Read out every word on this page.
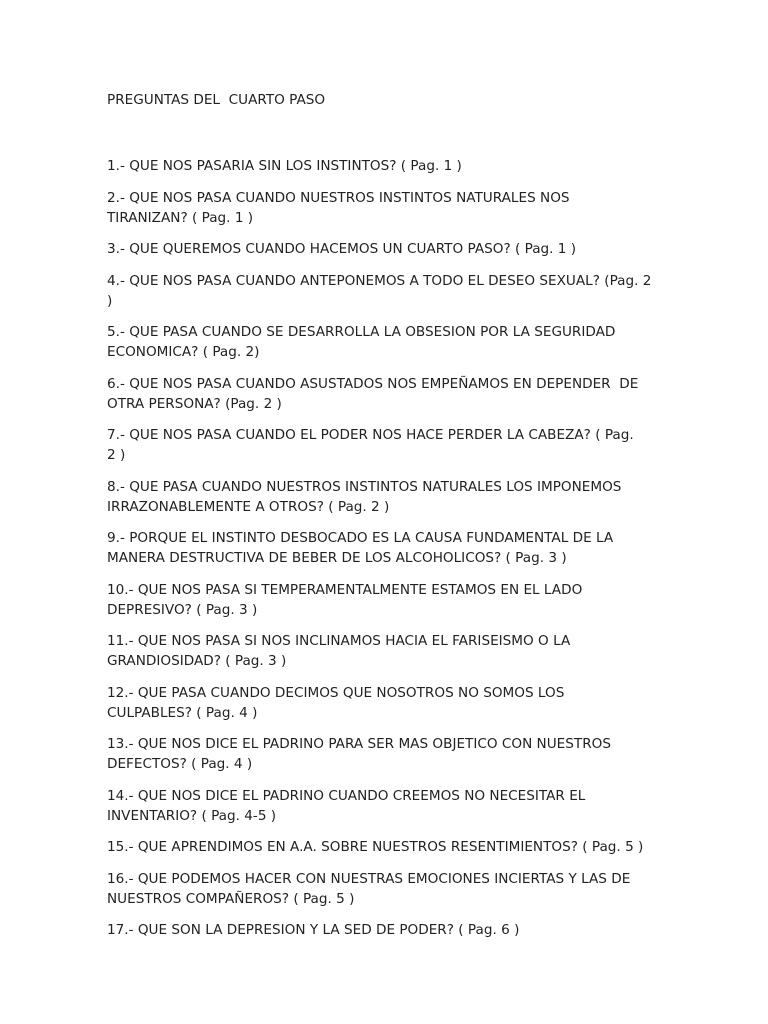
PREGUNTAS DEL  CUARTO PASO
1.- QUE NOS PASARIA SIN LOS INSTINTOS? ( Pag. 1 )
2.- QUE NOS PASA CUANDO NUESTROS INSTINTOS NATURALES NOS
TIRANIZAN? ( Pag. 1 )
3.- QUE QUEREMOS CUANDO HACEMOS UN CUARTO PASO? ( Pag. 1 )
4.- QUE NOS PASA CUANDO ANTEPONEMOS A TODO EL DESEO SEXUAL? (Pag. 2
)
5.- QUE PASA CUANDO SE DESARROLLA LA OBSESION POR LA SEGURIDAD
ECONOMICA? ( Pag. 2)
6.- QUE NOS PASA CUANDO ASUSTADOS NOS EMPEÑAMOS EN DEPENDER  DE
OTRA PERSONA? (Pag. 2 )
7.- QUE NOS PASA CUANDO EL PODER NOS HACE PERDER LA CABEZA? ( Pag.
2 )
8.- QUE PASA CUANDO NUESTROS INSTINTOS NATURALES LOS IMPONEMOS
IRRAZONABLEMENTE A OTROS? ( Pag. 2 )
9.- PORQUE EL INSTINTO DESBOCADO ES LA CAUSA FUNDAMENTAL DE LA
MANERA DESTRUCTIVA DE BEBER DE LOS ALCOHOLICOS? ( Pag. 3 )
10.- QUE NOS PASA SI TEMPERAMENTALMENTE ESTAMOS EN EL LADO
DEPRESIVO? ( Pag. 3 )
11.- QUE NOS PASA SI NOS INCLINAMOS HACIA EL FARISEISMO O LA
GRANDIOSIDAD? ( Pag. 3 )
12.- QUE PASA CUANDO DECIMOS QUE NOSOTROS NO SOMOS LOS
CULPABLES? ( Pag. 4 )
13.- QUE NOS DICE EL PADRINO PARA SER MAS OBJETICO CON NUESTROS
DEFECTOS? ( Pag. 4 )
14.- QUE NOS DICE EL PADRINO CUANDO CREEMOS NO NECESITAR EL
INVENTARIO? ( Pag. 4-5 )
15.- QUE APRENDIMOS EN A.A. SOBRE NUESTROS RESENTIMIENTOS? ( Pag. 5 )
16.- QUE PODEMOS HACER CON NUESTRAS EMOCIONES INCIERTAS Y LAS DE
NUESTROS COMPAÑEROS? ( Pag. 5 )
17.- QUE SON LA DEPRESION Y LA SED DE PODER? ( Pag. 6 )
